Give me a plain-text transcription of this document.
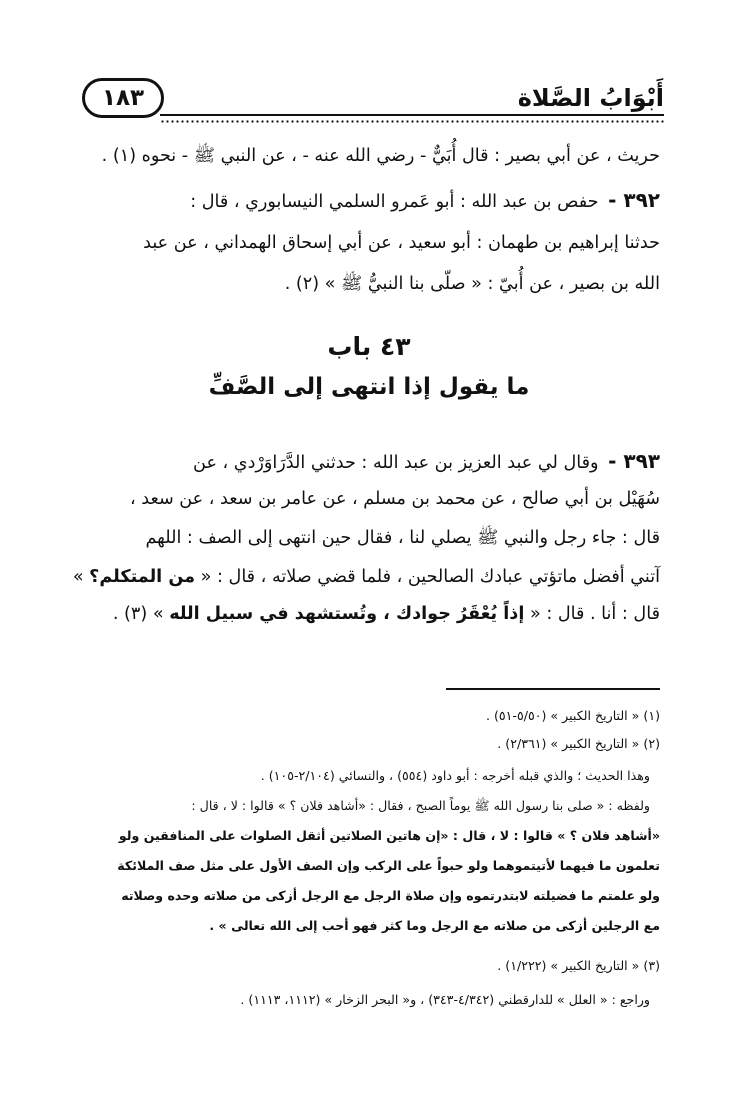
١٨٣	أَبْوَابُ الصَّلاة
حريث ، عن أبي بصير : قال أُبَيٌّ - رضي الله عنه - ، عن النبي ﷺ - نحوه (١) .
٣٩٢ - حفص بن عبد الله : أبو عَمرو السلمي النيسابوري ، قال :
حدثنا إبراهيم بن طهمان : أبو سعيد ، عن أبي إسحاق الهمداني ، عن عبد
الله بن بصير ، عن أُبيّ : « صلّى بنا النبيُّ ﷺ » (٢) .
٤٣ باب
ما يقول إذا انتهى إلى الصَّفِّ
٣٩٣ - وقال لي عبد العزيز بن عبد الله : حدثني الدَّرَاوَرْدي ، عن
سُهَيْل بن أبي صالح ، عن محمد بن مسلم ، عن عامر بن سعد ، عن سعد ،
قال : جاء رجل والنبي ﷺ يصلي لنا ، فقال حين انتهى إلى الصف : اللهم
آتني أفضل ماتؤتي عبادك الصالحين ، فلما قضي صلاته ، قال : « من المتكلم؟ »
قال : أنا . قال : « إذاً يُعْقَرُ جوادك ، وتُستشهد في سبيل الله » (٣) .
(١) « التاريخ الكبير » (٥/٥٠-٥١) .
(٢) « التاريخ الكبير » (٢/٣٦١) .
وهذا الحديث ؛ والذي قبله أخرجه : أبو داود (٥٥٤) ، والنسائي (٢/١٠٤-١٠٥) .
ولفظه : « صلى بنا رسول الله ﷺ يوماً الصبح ، فقال : «أشاهد فلان ؟ » قالوا : لا ، قال :
«أشاهد فلان ؟ » قالوا : لا ، قال : «إن هاتين الصلاتين أثقل الصلوات على المنافقين ولو
تعلمون ما فيهما لأتيتموهما ولو حبواً على الركب وإن الصف الأول على مثل صف الملائكة
ولو علمتم ما فضيلته لابتدرتموه وإن صلاة الرجل مع الرجل أزكى من صلاته وحده وصلاته
مع الرجلين أزكى من صلاته مع الرجل وما كثر فهو أحب إلى الله تعالى » .
(٣) « التاريخ الكبير » (١/٢٢٢) .
وراجع : « العلل » للدارقطني (٤/٣٤٢-٣٤٣) ، و« البحر الزخار » (١١١٢، ١١١٣) .
